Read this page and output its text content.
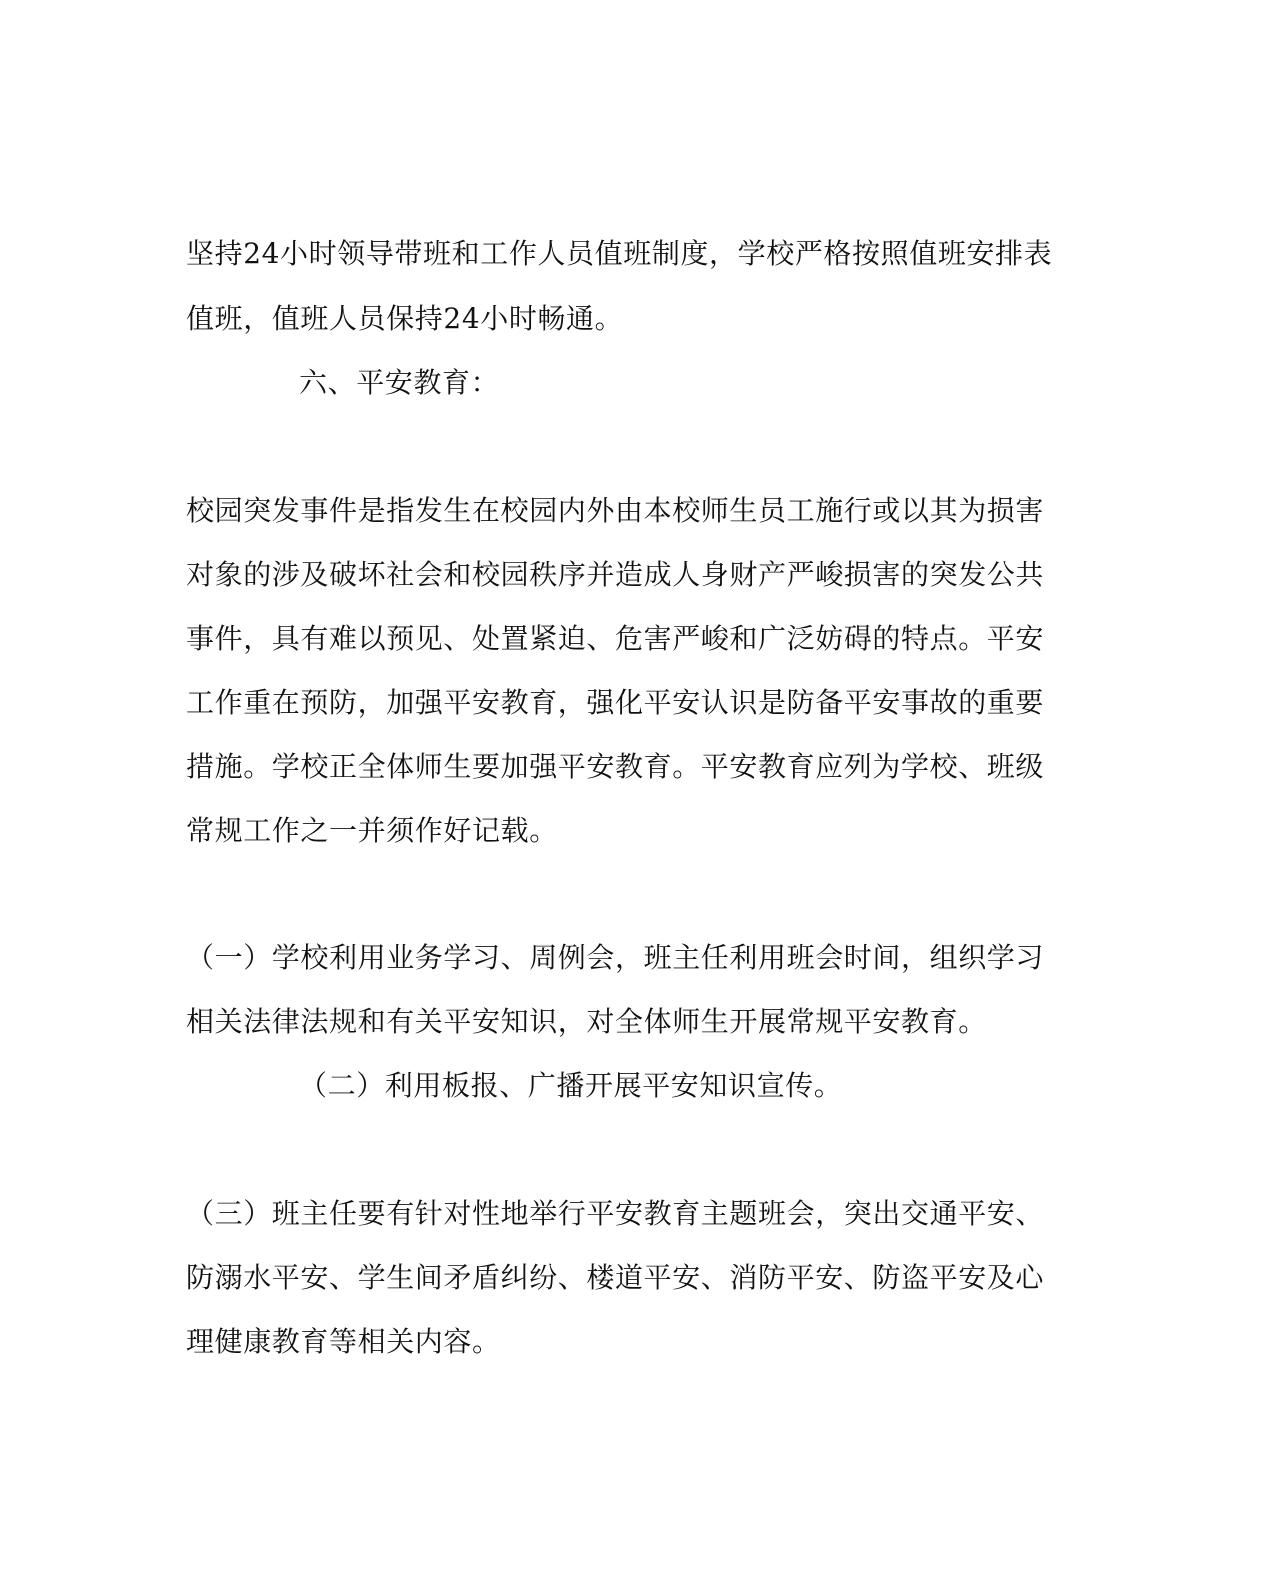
坚持24小时领导带班和工作人员值班制度，学校严格按照值班安排表
值班，值班人员保持24小时畅通。
六、平安教育：
校园突发事件是指发生在校园内外由本校师生员工施行或以其为损害
对象的涉及破坏社会和校园秩序并造成人身财产严峻损害的突发公共
事件，具有难以预见、处置紧迫、危害严峻和广泛妨碍的特点。平安
工作重在预防，加强平安教育，强化平安认识是防备平安事故的重要
措施。学校正全体师生要加强平安教育。平安教育应列为学校、班级
常规工作之一并须作好记载。
（一）学校利用业务学习、周例会，班主任利用班会时间，组织学习
相关法律法规和有关平安知识，对全体师生开展常规平安教育。
（二）利用板报、广播开展平安知识宣传。
（三）班主任要有针对性地举行平安教育主题班会，突出交通平安、
防溺水平安、学生间矛盾纠纷、楼道平安、消防平安、防盗平安及心
理健康教育等相关内容。
